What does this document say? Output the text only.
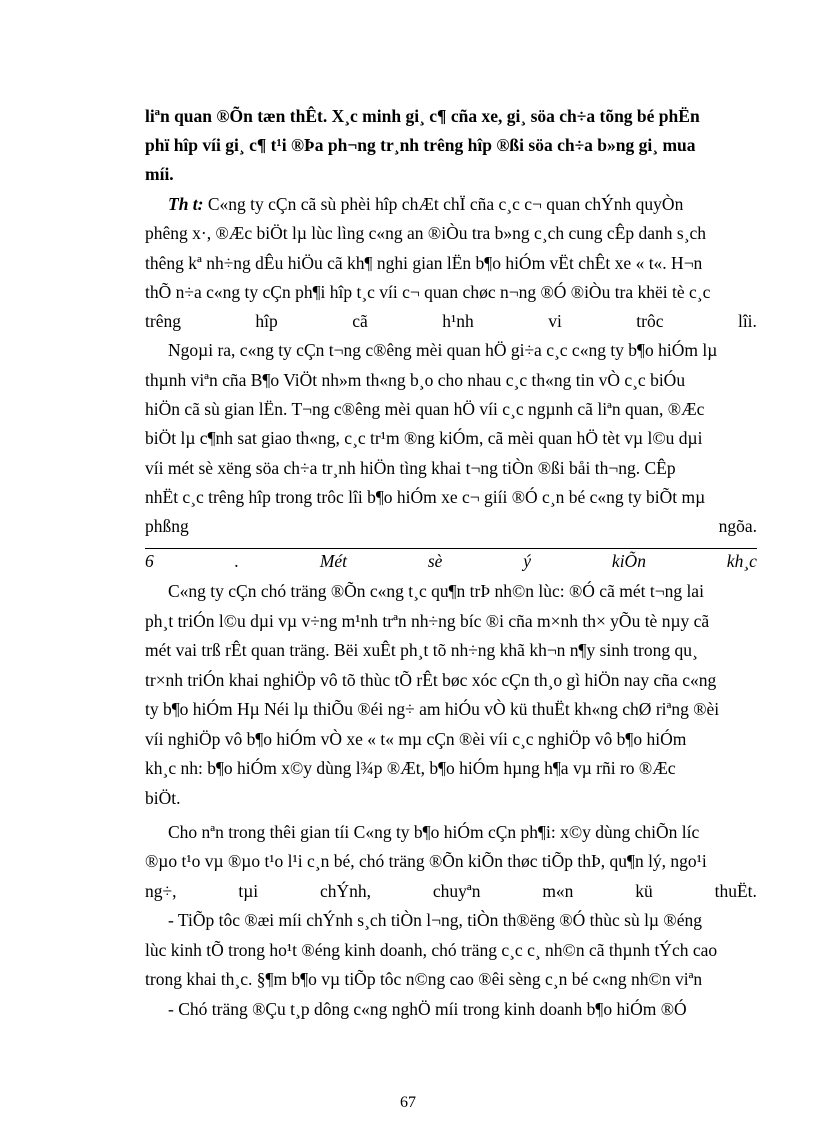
liªn quan ®Õn tæn thÊt. X¸c minh gi¸ c¶ cña xe, gi¸ söa ch÷a tõng bé phËn
phï hîp víi gi¸ c¶ t¹i ®Þa ph¬ng tr¸nh trêng hîp ®ßi söa ch÷a b»ng gi¸ mua
míi.
Th t: C«ng ty cÇn cã sù phèi hîp chÆt chÏ cña c¸c c¬ quan chÝnh quyÒn
phêng x·, ®Æc biÖt lµ lùc lìng c«ng an ®iÒu tra b»ng c¸ch cung cÊp danh s¸ch
thêng kª nh÷ng dÊu hiÖu cã kh¶ nghi gian lËn b¶o hiÓm vËt chÊt xe « t«. H¬n
thÕ n÷a c«ng ty cÇn ph¶i hîp t¸c víi c¬ quan chøc n¬ng ®Ó ®iÒu tra khëi tè c¸c
trêng	hîp	cã	h¹nh	vi	trôc	lîi.
Ngoµi ra, c«ng ty cÇn t¬ng c®êng mèi quan hÖ gi÷a c¸c c«ng ty b¶o hiÓm lµ
thµnh viªn cña B¶o ViÖt nh»m th«ng b¸o cho nhau c¸c th«ng tin vÒ c¸c biÓu
hiÖn cã sù gian lËn. T¬ng c®êng mèi quan hÖ víi c¸c ngµnh cã liªn quan, ®Æc
biÖt lµ c¶nh sat giao th«ng, c¸c tr¹m ®ng kiÓm, cã mèi quan hÖ tèt vµ l©u dµi
víi mét sè xëng söa ch÷a tr¸nh hiÖn tìng khai t¬ng tiÒn ®ßi båi th¬ng. CÊp
nhËt c¸c trêng hîp trong trôc lîi b¶o hiÓm xe c¬ giíi ®Ó c¸n bé c«ng ty biÕt mµ
phßng	ngõa.
6	.	Mét	sè	ý	kiÕn	kh¸c
C«ng ty cÇn chó träng ®Õn c«ng t¸c qu¶n trÞ nh©n lùc: ®Ó cã mét t¬ng lai
ph¸t triÓn l©u dµi vµ v÷ng m¹nh trªn nh÷ng bíc ®i cña m×nh th× yÕu tè nµy cã
mét vai trß rÊt quan träng. Bëi xuÊt ph¸t tõ nh÷ng khã kh¬n n¶y sinh trong qu¸
tr×nh triÓn khai nghiÖp vô tõ thùc tÕ rÊt bøc xóc cÇn th¸o gì hiÖn nay cña c«ng
ty b¶o hiÓm Hµ Néi lµ thiÕu ®éi ng÷ am hiÓu vÒ kü thuËt kh«ng chØ riªng ®èi
víi nghiÖp vô b¶o hiÓm vÒ xe « t« mµ cÇn ®èi víi c¸c nghiÖp vô b¶o hiÓm
kh¸c nh: b¶o hiÓm x©y dùng l¾p ®Æt, b¶o hiÓm hµng h¶a vµ rñi ro ®Æc
biÖt.
Cho nªn trong thêi gian tíi C«ng ty b¶o hiÓm cÇn ph¶i: x©y dùng chiÕn líc
®µo t¹o vµ ®µo t¹o l¹i c¸n bé, chó träng ®Õn kiÕn thøc tiÕp thÞ, qu¶n lý, ngo¹i
ng÷,	tµi	chÝnh,	chuyªn	m«n	kü	thuËt.
- TiÕp tôc ®æi míi chÝnh s¸ch tiÒn l¬ng, tiÒn th®ëng ®Ó thùc sù lµ ®éng
lùc kinh tÕ trong ho¹t ®éng kinh doanh, chó träng c¸c c¸ nh©n cã thµnh tÝch cao
trong khai th¸c. §¶m b¶o vµ tiÕp tôc n©ng cao ®êi sèng c¸n bé c«ng nh©n viªn
- Chó träng ®Çu t¸p dông c«ng nghÖ míi trong kinh doanh b¶o hiÓm ®Ó
67
